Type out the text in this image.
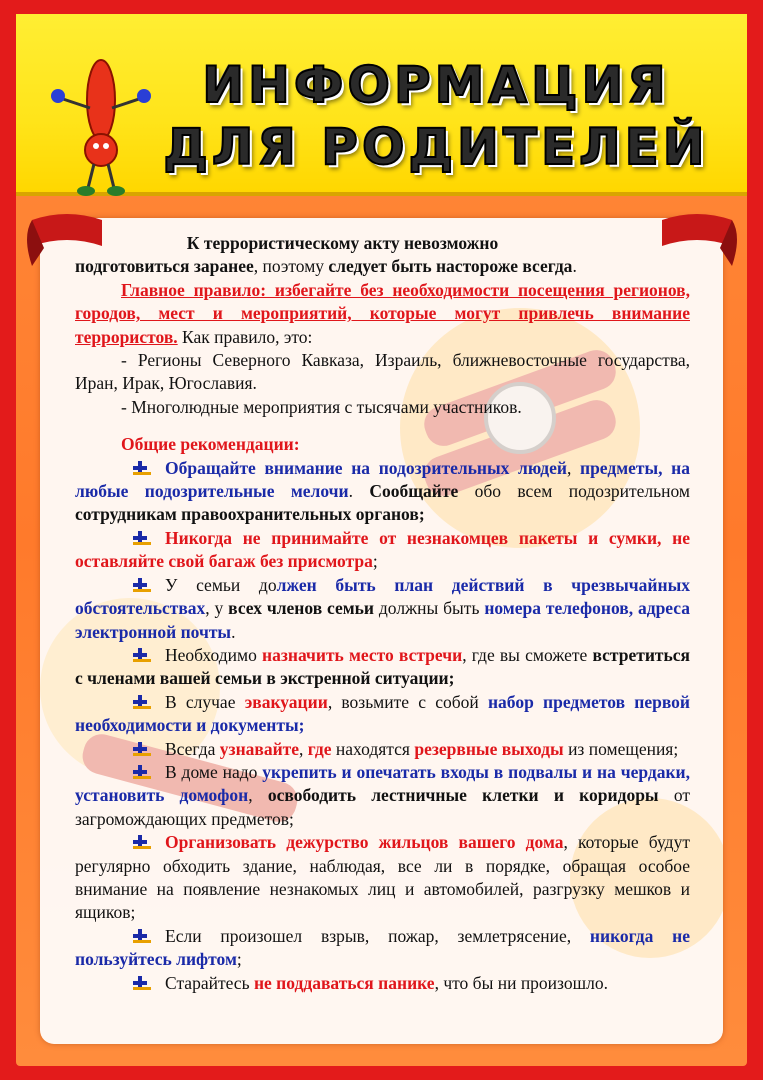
ИНФОРМАЦИЯ
ДЛЯ РОДИТЕЛЕЙ

К террористическому акту невозможно

подготовиться заранее, поэтому следует быть настороже всегда.

Главное правило: избегайте без необходимости посещения регионов, городов, мест и мероприятий, которые могут привлечь внимание террористов. Как правило, это:

- Регионы Северного Кавказа, Израиль, ближневосточные государства, Иран, Ирак, Югославия.

- Многолюдные мероприятия с тысячами участников.

Общие рекомендации:

Обращайте внимание на подозрительных людей, предметы, на любые подозрительные мелочи. Сообщайте обо всем подозрительном сотрудникам правоохранительных органов;

Никогда не принимайте от незнакомцев пакеты и сумки, не оставляйте свой багаж без присмотра;

У семьи должен быть план действий в чрезвычайных обстоятельствах, у всех членов семьи должны быть номера телефонов, адреса электронной почты.

Необходимо назначить место встречи, где вы сможете встретиться с членами вашей семьи в экстренной ситуации;

В случае эвакуации, возьмите с собой набор предметов первой необходимости и документы;

Всегда узнавайте, где находятся резервные выходы из помещения;

В доме надо укрепить и опечатать входы в подвалы и на чердаки, установить домофон, освободить лестничные клетки и коридоры от загромождающих предметов;

Организовать дежурство жильцов вашего дома, которые будут регулярно обходить здание, наблюдая, все ли в порядке, обращая особое внимание на появление незнакомых лиц и автомобилей, разгрузку мешков и ящиков;

Если произошел взрыв, пожар, землетрясение, никогда не пользуйтесь лифтом;

Старайтесь не поддаваться панике, что бы ни произошло.
